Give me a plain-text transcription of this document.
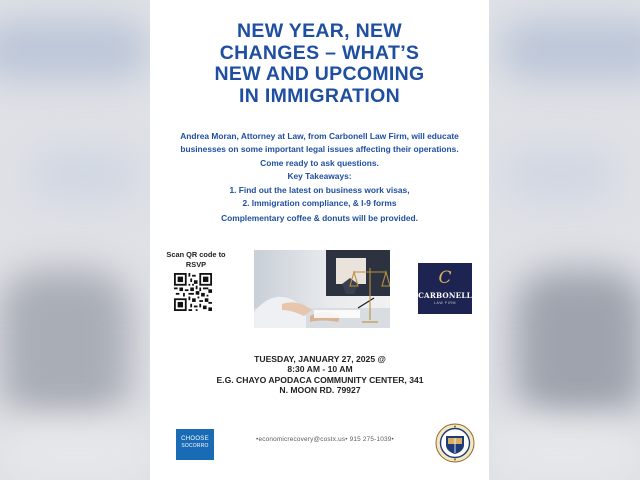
NEW YEAR, NEW
CHANGES – WHAT’S
NEW AND UPCOMING
IN IMMIGRATION
Andrea Moran, Attorney at Law, from Carbonell Law Firm, will educate
businesses on some important legal issues affecting their operations.
Come ready to ask questions.
Key Takeaways:
1. Find out the latest on business work visas,
2. Immigration compliance, & I-9 forms
Complementary coffee & donuts will be provided.
Scan QR code to
RSVP
C
CARBONELL
LAW FIRM
TUESDAY, JANUARY 27, 2025 @
8:30 AM - 10 AM
E.G. CHAYO APODACA COMMUNITY CENTER, 341
N. MOON RD. 79927
CHOOSE
SOCORRO
•economicrecovery@costx.us• 915 275-1039•
